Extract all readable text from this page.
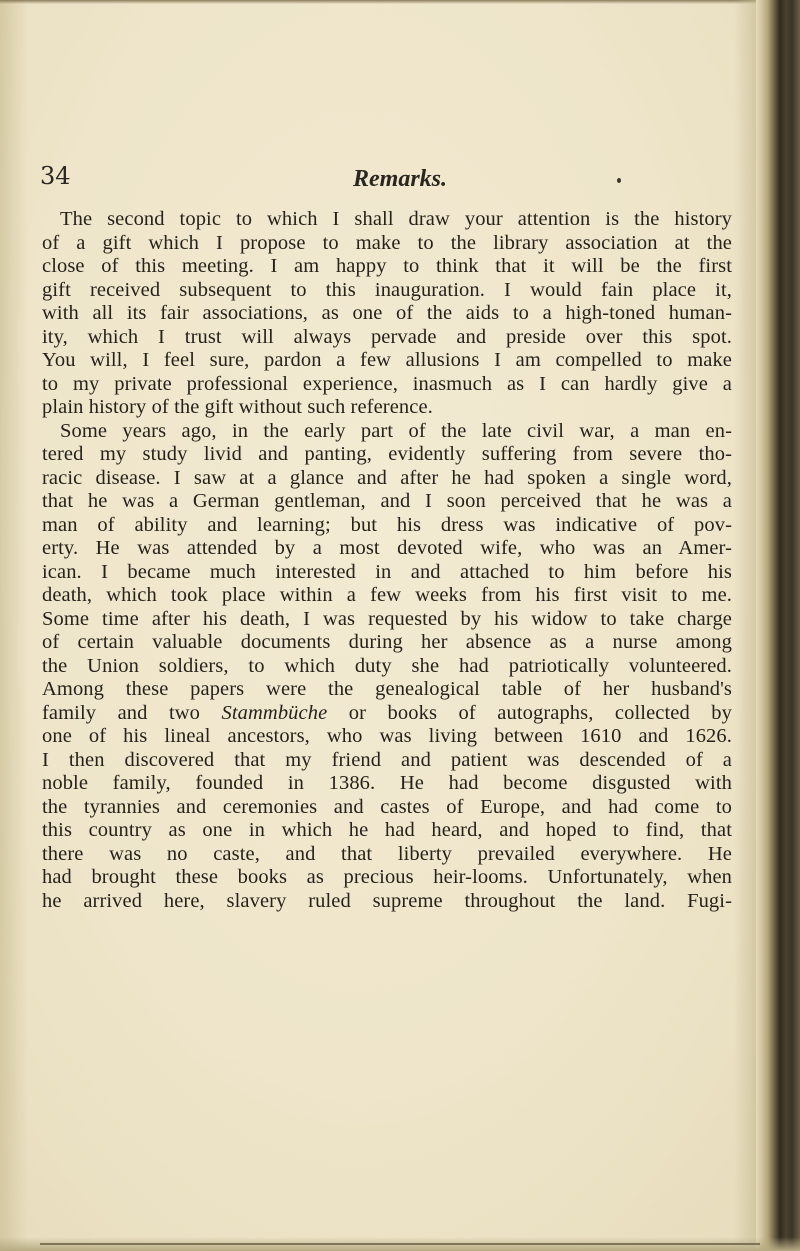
34	Remarks.
The second topic to which I shall draw your attention is the history
of a gift which I propose to make to the library association at the
close of this meeting. I am happy to think that it will be the first
gift received subsequent to this inauguration. I would fain place it,
with all its fair associations, as one of the aids to a high-toned human-
ity, which I trust will always pervade and preside over this spot.
You will, I feel sure, pardon a few allusions I am compelled to make
to my private professional experience, inasmuch as I can hardly give a
plain history of the gift without such reference.
Some years ago, in the early part of the late civil war, a man en-
tered my study livid and panting, evidently suffering from severe tho-
racic disease. I saw at a glance and after he had spoken a single word,
that he was a German gentleman, and I soon perceived that he was a
man of ability and learning; but his dress was indicative of pov-
erty. He was attended by a most devoted wife, who was an Amer-
ican. I became much interested in and attached to him before his
death, which took place within a few weeks from his first visit to me.
Some time after his death, I was requested by his widow to take charge
of certain valuable documents during her absence as a nurse among
the Union soldiers, to which duty she had patriotically volunteered.
Among these papers were the genealogical table of her husband's
family and two Stammbüche or books of autographs, collected by
one of his lineal ancestors, who was living between 1610 and 1626.
I then discovered that my friend and patient was descended of a
noble family, founded in 1386. He had become disgusted with
the tyrannies and ceremonies and castes of Europe, and had come to
this country as one in which he had heard, and hoped to find, that
there was no caste, and that liberty prevailed everywhere. He
had brought these books as precious heir-looms. Unfortunately, when
he arrived here, slavery ruled supreme throughout the land. Fugi-
